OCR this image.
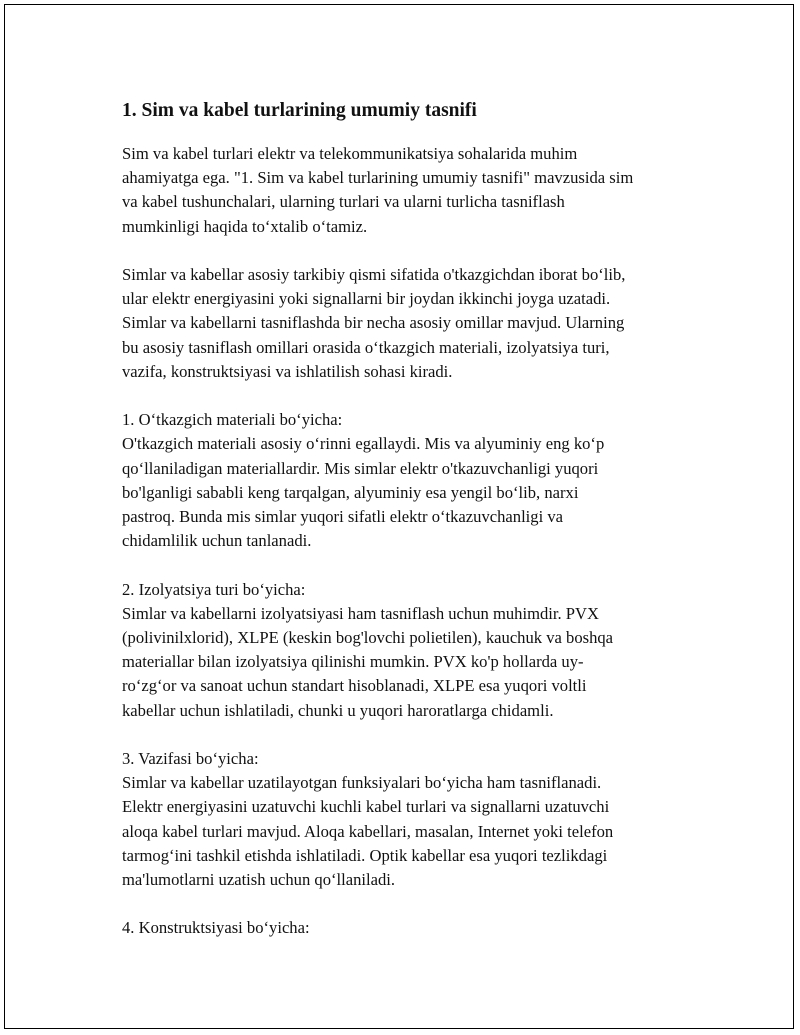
1. Sim va kabel turlarining umumiy tasnifi

Sim va kabel turlari elektr va telekommunikatsiya sohalarida muhim
ahamiyatga ega. "1. Sim va kabel turlarining umumiy tasnifi" mavzusida sim
va kabel tushunchalari, ularning turlari va ularni turlicha tasniflash
mumkinligi haqida to‘xtalib o‘tamiz.

Simlar va kabellar asosiy tarkibiy qismi sifatida o'tkazgichdan iborat bo‘lib,
ular elektr energiyasini yoki signallarni bir joydan ikkinchi joyga uzatadi.
Simlar va kabellarni tasniflashda bir necha asosiy omillar mavjud. Ularning
bu asosiy tasniflash omillari orasida o‘tkazgich materiali, izolyatsiya turi,
vazifa, konstruktsiyasi va ishlatilish sohasi kiradi.

1. O‘tkazgich materiali bo‘yicha:

O'tkazgich materiali asosiy o‘rinni egallaydi. Mis va alyuminiy eng ko‘p
qo‘llaniladigan materiallardir. Mis simlar elektr o'tkazuvchanligi yuqori
bo'lganligi sababli keng tarqalgan, alyuminiy esa yengil bo‘lib, narxi
pastroq. Bunda mis simlar yuqori sifatli elektr o‘tkazuvchanligi va
chidamlilik uchun tanlanadi.

2. Izolyatsiya turi bo‘yicha:

Simlar va kabellarni izolyatsiyasi ham tasniflash uchun muhimdir. PVX
(polivinilxlorid), XLPE (keskin bog'lovchi polietilen), kauchuk va boshqa
materiallar bilan izolyatsiya qilinishi mumkin. PVX ko'p hollarda uy-
ro‘zg‘or va sanoat uchun standart hisoblanadi, XLPE esa yuqori voltli
kabellar uchun ishlatiladi, chunki u yuqori haroratlarga chidamli.

3. Vazifasi bo‘yicha:

Simlar va kabellar uzatilayotgan funksiyalari bo‘yicha ham tasniflanadi.
Elektr energiyasini uzatuvchi kuchli kabel turlari va signallarni uzatuvchi
aloqa kabel turlari mavjud. Aloqa kabellari, masalan, Internet yoki telefon
tarmog‘ini tashkil etishda ishlatiladi. Optik kabellar esa yuqori tezlikdagi
ma'lumotlarni uzatish uchun qo‘llaniladi.

4. Konstruktsiyasi bo‘yicha:
